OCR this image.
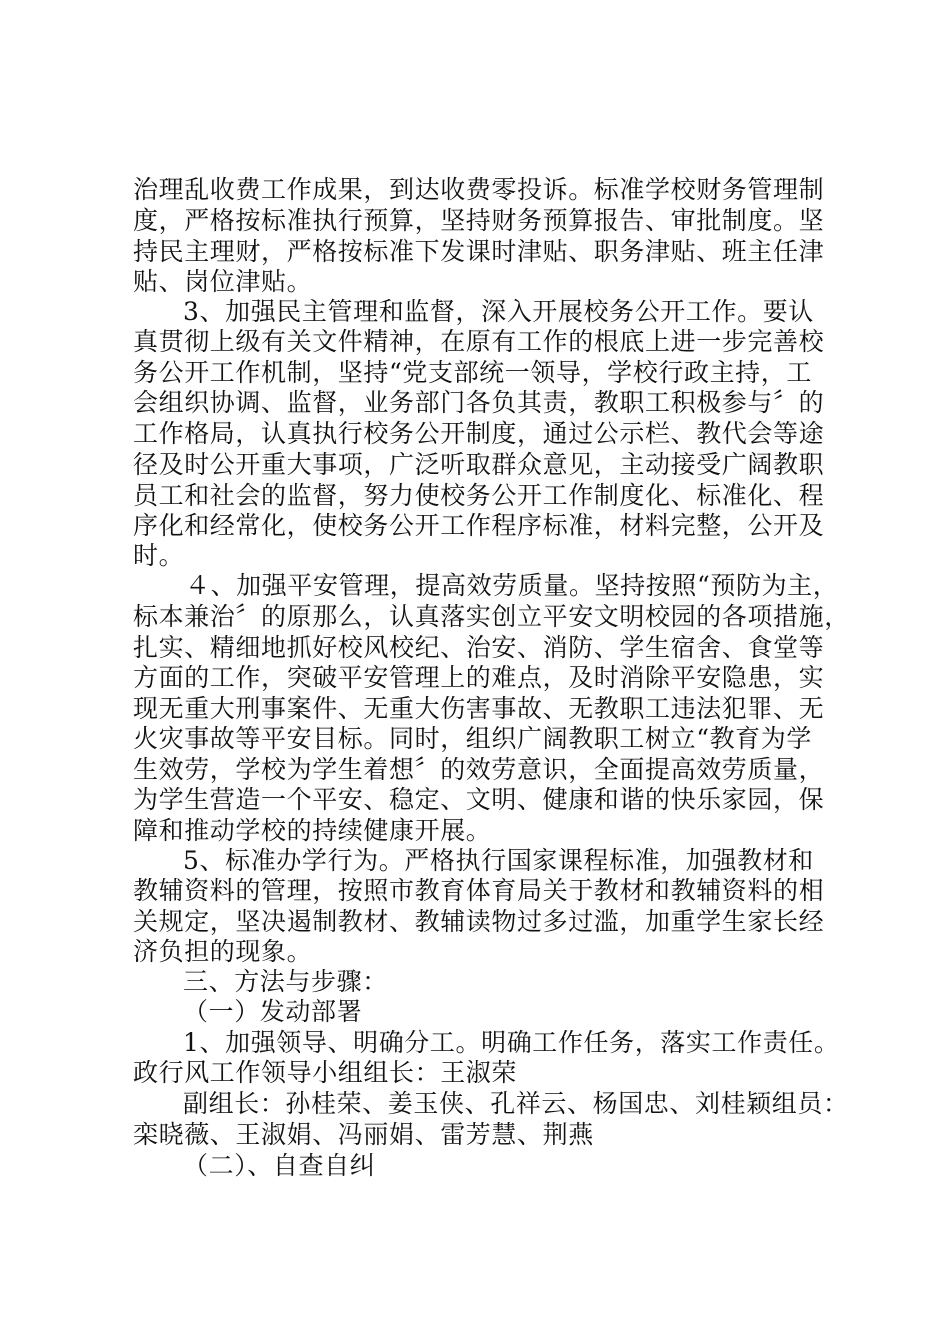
治理乱收费工作成果，到达收费零投诉。标准学校财务管理制
度，严格按标准执行预算，坚持财务预算报告、审批制度。坚
持民主理财，严格按标准下发课时津贴、职务津贴、班主任津
贴、岗位津贴。
3、加强民主管理和监督，深入开展校务公开工作。要认
真贯彻上级有关文件精神，在原有工作的根底上进一步完善校
务公开工作机制，坚持“党支部统一领导，学校行政主持，工
会组织协调、监督，业务部门各负其责，教职工积极参与〞的
工作格局，认真执行校务公开制度，通过公示栏、教代会等途
径及时公开重大事项，广泛听取群众意见，主动接受广阔教职
员工和社会的监督，努力使校务公开工作制度化、标准化、程
序化和经常化，使校务公开工作程序标准，材料完整，公开及
时。
４、加强平安管理，提高效劳质量。坚持按照“预防为主，
标本兼治〞的原那么，认真落实创立平安文明校园的各项措施，
扎实、精细地抓好校风校纪、治安、消防、学生宿舍、食堂等
方面的工作，突破平安管理上的难点，及时消除平安隐患，实
现无重大刑事案件、无重大伤害事故、无教职工违法犯罪、无
火灾事故等平安目标。同时，组织广阔教职工树立“教育为学
生效劳，学校为学生着想〞的效劳意识，全面提高效劳质量，
为学生营造一个平安、稳定、文明、健康和谐的快乐家园，保
障和推动学校的持续健康开展。
5、标准办学行为。严格执行国家课程标准，加强教材和
教辅资料的管理，按照市教育体育局关于教材和教辅资料的相
关规定，坚决遏制教材、教辅读物过多过滥，加重学生家长经
济负担的现象。
三、方法与步骤：
（一）发动部署
1、加强领导、明确分工。明确工作任务，落实工作责任。
政行风工作领导小组组长：王淑荣
副组长：孙桂荣、姜玉侠、孔祥云、杨国忠、刘桂颖组员：
栾晓薇、王淑娟、冯丽娟、雷芳慧、荆燕
（二）、自查自纠
